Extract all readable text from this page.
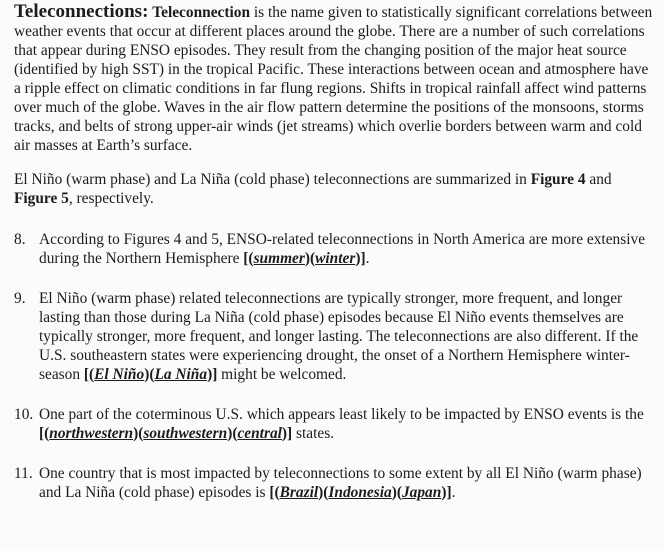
Teleconnections: Teleconnection is the name given to statistically significant correlations between weather events that occur at different places around the globe. There are a number of such correlations that appear during ENSO episodes. They result from the changing position of the major heat source (identified by high SST) in the tropical Pacific. These interactions between ocean and atmosphere have a ripple effect on climatic conditions in far flung regions. Shifts in tropical rainfall affect wind patterns over much of the globe. Waves in the air flow pattern determine the positions of the monsoons, storms tracks, and belts of strong upper-air winds (jet streams) which overlie borders between warm and cold air masses at Earth’s surface.

El Niño (warm phase) and La Niña (cold phase) teleconnections are summarized in Figure 4 and Figure 5, respectively.

8. According to Figures 4 and 5, ENSO-related teleconnections in North America are more extensive during the Northern Hemisphere [(summer)(winter)].
9. El Niño (warm phase) related teleconnections are typically stronger, more frequent, and longer lasting than those during La Niña (cold phase) episodes because El Niño events themselves are typically stronger, more frequent, and longer lasting. The teleconnections are also different. If the U.S. southeastern states were experiencing drought, the onset of a Northern Hemisphere winter-season [(El Niño)(La Niña)] might be welcomed.
10. One part of the coterminous U.S. which appears least likely to be impacted by ENSO events is the [(northwestern)(southwestern)(central)] states.
11. One country that is most impacted by teleconnections to some extent by all El Niño (warm phase) and La Niña (cold phase) episodes is [(Brazil)(Indonesia)(Japan)].
